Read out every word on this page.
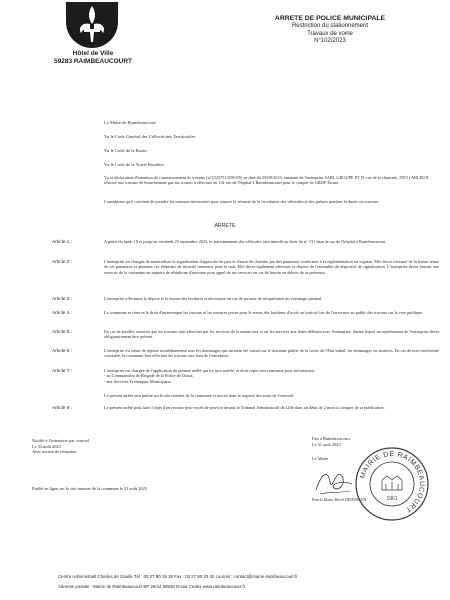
Hôtel de Ville
59283 RAIMBEAUCOURT
ARRETE DE POLICE MUNICIPALE
Restriction du stationnement
Travaux de voirie
N°102/2023
Le Maire de Raimbeaucourt
Vu le Code Général des Collectivités Territoriales
Vu le Code de la Route,
Vu le Code de la Voirie Routière,
Vu la déclaration d'intention de commencement de travaux (n°2323751/0/00/05) en date du 29/08/2023, émanant de l'entreprise SARL GROUPE ET D. rue de la chaussée, 59151 ARLEUX relative aux travaux de branchement gaz sur trottoir à effectuer au 131 rue de l'hôpital à Raimbeaucourt pour le compte de GRDF Douai,
Considérant qu'il convient de prendre les mesures nécessaires pour assurer la sécurité de la circulation des véhicules et des piétons pendant la durée ces travaux,
ARRETE
Article 1 :	A partir du lundi 18 et jusqu'au vendredi 29 septembre 2023, le stationnement des véhicules sera interdit au droit du n° 131 dans la rue de l'hôpital à Raimbeaucourt.
Article 2 :	L'entreprise est chargée de matérialiser la signalisation d'approche de part et d'autre du chantier par des panneaux conformes à la réglementation en vigueur. Elle devra s'assurer de la bonne tenue de ces panneaux et anneaux ces éléments de sécurité lumineux pour la nuit. Elle devra également effectuer la dépose de l'ensemble du dispositif de signalisation. L'entreprise devra fournir aux services de la commune un numéro de téléphone d'astreinte pour appel de ses services en cas de besoin en dehors de sa présence.
Article 3 :	L'entreprise effectuera la dépose et la repose des bordures si nécessaire en cas de travaux de récupération au voisinage optimal.
Article 4 :	La commune se réserve le droit d'interrompre les travaux et les mesures prises pour le retour des bordures d'accès au trottoir lors de l'ouverture au public des travaux sur la voie publique.
Article 5 :	En cas de fouilles ouvertes par les travaux sans effectuer par les services de la mairie eux et ou les services aux dates définies avec l'entreprise, durant lequel un représentant de l'entreprise devra obligatoirement être présent.
Article 6 :	L'entreprise est tenue de réparer immédiatement tous les dommages qui auraient été causés sur le domaine public de la voirie de l'Etat initial, les dommages ou sinistres. En cas de non-conformité constatée, la commune fera effectuer les travaux aux frais de l'entreprise.
Article 7 :	L'entreprise est chargée de l'application du présent arrêté qui lui sera notifié, et dont copie sera transmise pour information :
- au Commandant de Brigade de la Police de Douai,
- aux Services Techniques Municipaux.
Le présent arrêté sera publié sur le site internet de la commune et inscrit dans le registre des actes de l'exécutif.
Article 8 :	Le présent arrêté peut faire l'objet d'un recours pour excès de pouvoir devant le Tribunal Administratif de Lille dans un délai de 2 mois à compter de sa publication.
Notifié à l'entreprise par courriel
Le 31/août 2023
Avec accusé de réception
Fait à Raimbeaucourt,
Le 31 août 2023
Le Maire
Pour le Maire, Hervé DEJENSSON
MAIRIE DE RAIMBEAUCOURT
1961
Publié en ligne sur le site internet de la commune le 31 août 2023
Centre Administratif Charles de Gaulle Tél : 03 27 80 18 18 Fax : 03 27 80 33 42 courriel : contact@mairie-raimbeaucourt.fr
Adresse postale : Mairie de Raimbeaucourt BP 26/44 59530 Douai Cedex www.raimbeaucourt.fr
